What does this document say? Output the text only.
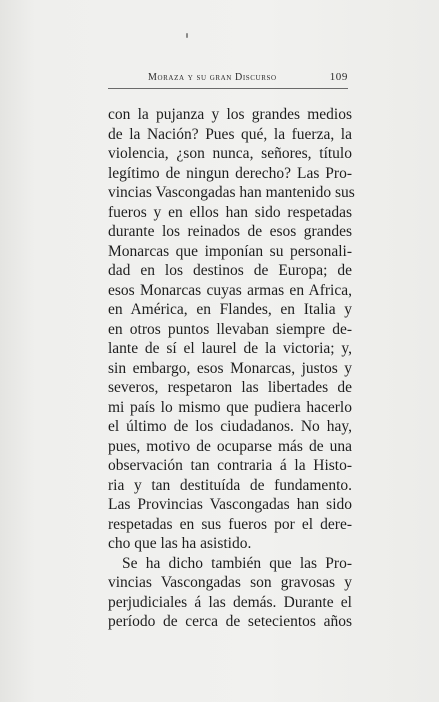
Moraza y su gran Discurso	109
con la pujanza y los grandes medios
de la Nación? Pues qué, la fuerza, la
violencia, ¿son nunca, señores, título
legítimo de ningun derecho? Las Pro-
vincias Vascongadas han mantenido sus
fueros y en ellos han sido respetadas
durante los reinados de esos grandes
Monarcas que imponían su personali-
dad en los destinos de Europa; de
esos Monarcas cuyas armas en Africa,
en América, en Flandes, en Italia y
en otros puntos llevaban siempre de-
lante de sí el laurel de la victoria; y,
sin embargo, esos Monarcas, justos y
severos, respetaron las libertades de
mi país lo mismo que pudiera hacerlo
el último de los ciudadanos. No hay,
pues, motivo de ocuparse más de una
observación tan contraria á la Histo-
ria y tan destituída de fundamento.
Las Provincias Vascongadas han sido
respetadas en sus fueros por el dere-
cho que las ha asistido.
Se ha dicho también que las Pro-
vincias Vascongadas son gravosas y
perjudiciales á las demás. Durante el
período de cerca de setecientos años
